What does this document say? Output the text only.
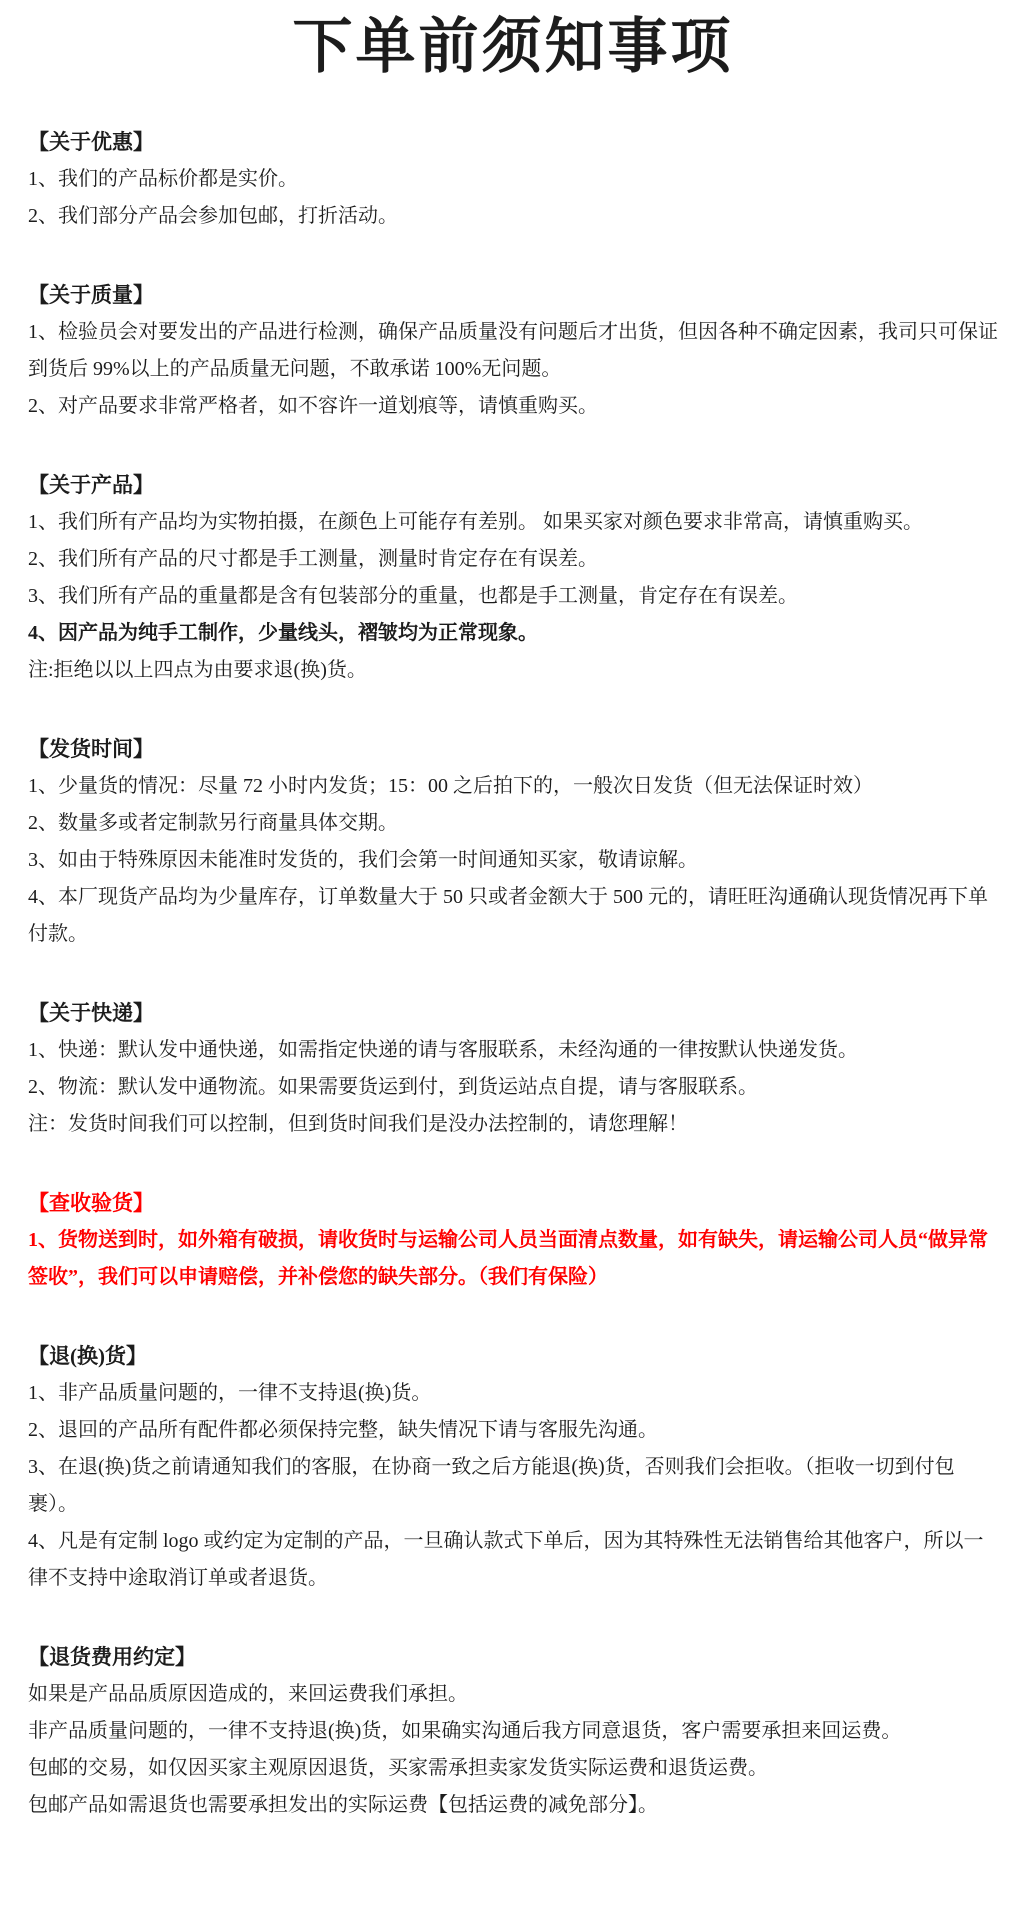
下单前须知事项
【关于优惠】

1、我们的产品标价都是实价。

2、我们部分产品会参加包邮，打折活动。

【关于质量】

1、检验员会对要发出的产品进行检测，确保产品质量没有问题后才出货，但因各种不确定因素，我司只可保证到货后 99%以上的产品质量无问题，不敢承诺 100%无问题。

2、对产品要求非常严格者，如不容许一道划痕等，请慎重购买。

【关于产品】

1、我们所有产品均为实物拍摄，在颜色上可能存有差别。 如果买家对颜色要求非常高，请慎重购买。

2、我们所有产品的尺寸都是手工测量，测量时肯定存在有误差。

3、我们所有产品的重量都是含有包装部分的重量，也都是手工测量，肯定存在有误差。

4、因产品为纯手工制作，少量线头，褶皱均为正常现象。

注:拒绝以以上四点为由要求退(换)货。

【发货时间】

1、少量货的情况：尽量 72 小时内发货；15：00 之后拍下的，一般次日发货（但无法保证时效）

2、数量多或者定制款另行商量具体交期。

3、如由于特殊原因未能准时发货的，我们会第一时间通知买家，敬请谅解。

4、本厂现货产品均为少量库存，订单数量大于 50 只或者金额大于 500 元的，请旺旺沟通确认现货情况再下单付款。

【关于快递】

1、快递：默认发中通快递，如需指定快递的请与客服联系，未经沟通的一律按默认快递发货。

2、物流：默认发中通物流。如果需要货运到付，到货运站点自提，请与客服联系。

注：发货时间我们可以控制，但到货时间我们是没办法控制的，请您理解！

【查收验货】

1、货物送到时，如外箱有破损，请收货时与运输公司人员当面清点数量，如有缺失，请运输公司人员“做异常签收”，我们可以申请赔偿，并补偿您的缺失部分。（我们有保险）

【退(换)货】

1、非产品质量问题的，一律不支持退(换)货。

2、退回的产品所有配件都必须保持完整，缺失情况下请与客服先沟通。

3、在退(换)货之前请通知我们的客服，在协商一致之后方能退(换)货，否则我们会拒收。（拒收一切到付包裹）。

4、凡是有定制 logo 或约定为定制的产品，一旦确认款式下单后，因为其特殊性无法销售给其他客户，所以一律不支持中途取消订单或者退货。

【退货费用约定】

如果是产品品质原因造成的，来回运费我们承担。

非产品质量问题的，一律不支持退(换)货，如果确实沟通后我方同意退货，客户需要承担来回运费。

包邮的交易，如仅因买家主观原因退货，买家需承担卖家发货实际运费和退货运费。

包邮产品如需退货也需要承担发出的实际运费【包括运费的减免部分】。
